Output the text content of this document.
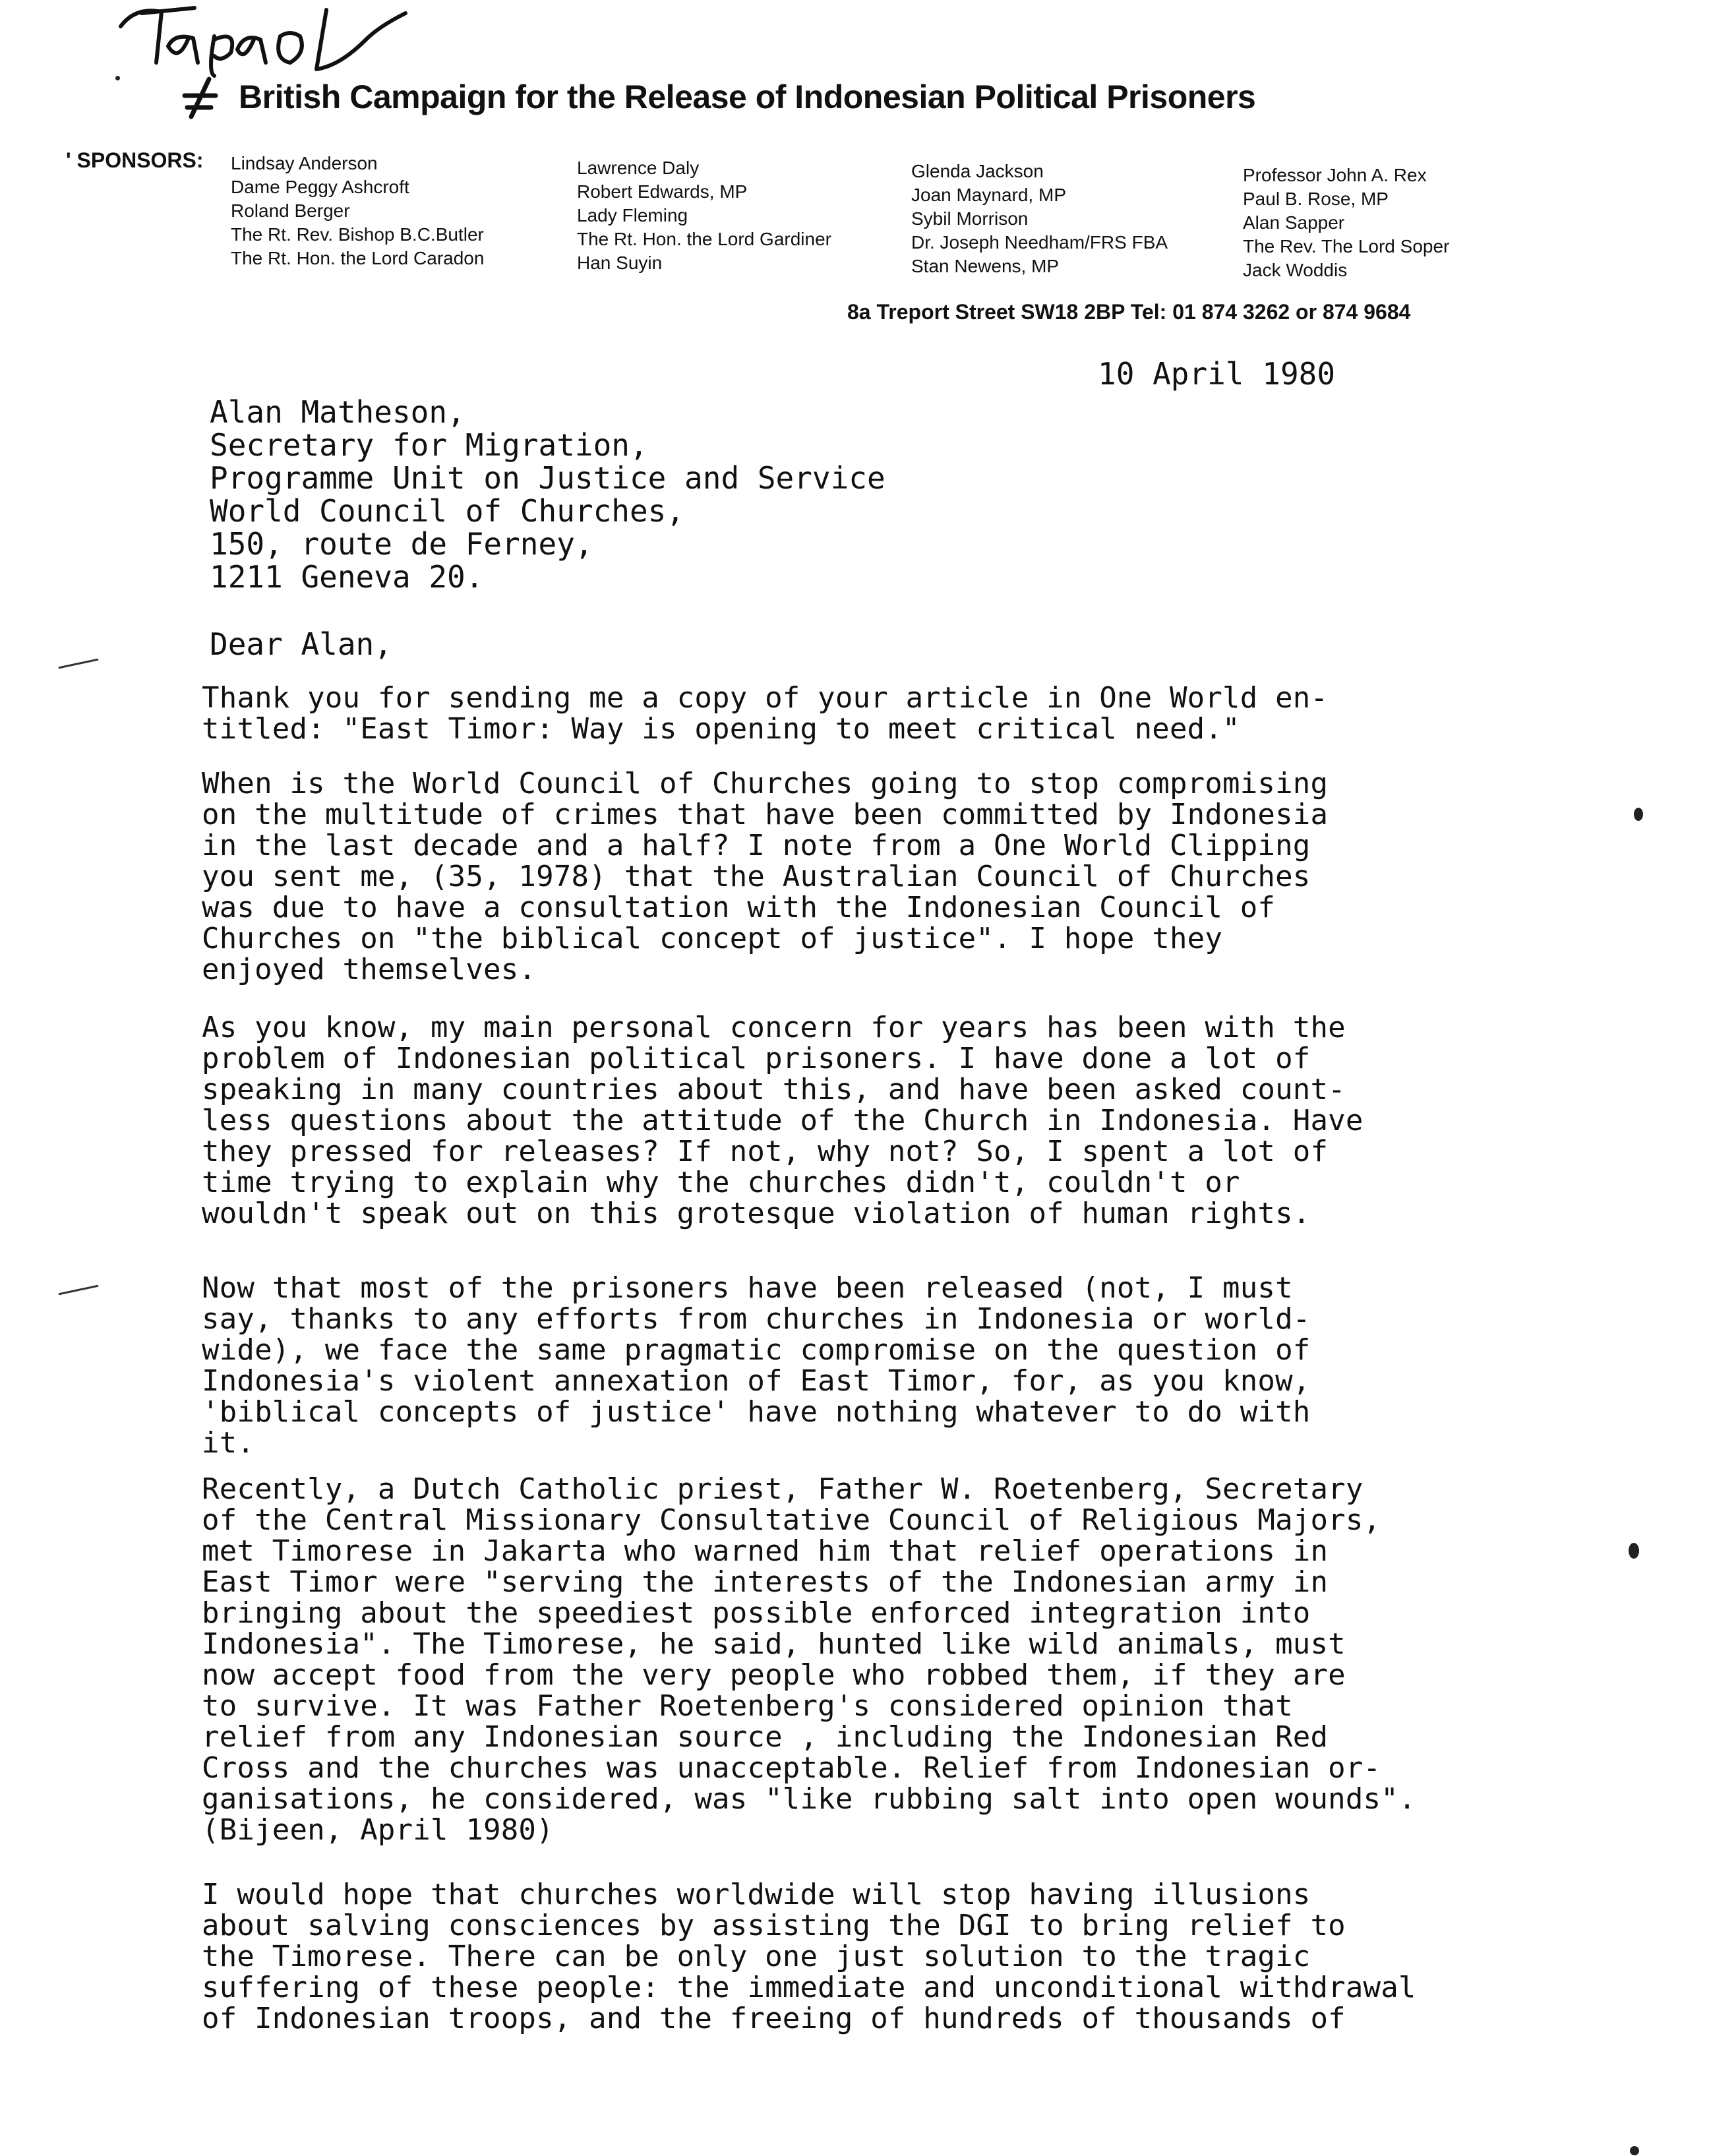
British Campaign for the Release of Indonesian Political Prisoners
' SPONSORS: Lindsay Anderson
Dame Peggy Ashcroft
Roland Berger
The Rt. Rev. Bishop B.C.Butler
The Rt. Hon. the Lord Caradon
Lawrence Daly
Robert Edwards, MP
Lady Fleming
The Rt. Hon. the Lord Gardiner
Han Suyin
Glenda Jackson
Joan Maynard, MP
Sybil Morrison
Dr. Joseph Needham/FRS FBA
Stan Newens, MP
Professor John A. Rex
Paul B. Rose, MP
Alan Sapper
The Rev. The Lord Soper
Jack Woddis
8a Treport Street SW18 2BP Tel: 01 874 3262 or 874 9684
10 April 1980
Alan Matheson,
Secretary for Migration,
Programme Unit on Justice and Service
World Council of Churches,
150, route de Ferney,
1211 Geneva 20.
Dear Alan,
Thank you for sending me a copy of your article in One World en-
titled: "East Timor: Way is opening to meet critical need."
When is the World Council of Churches going to stop compromising
on the multitude of crimes that have been committed by Indonesia
in the last decade and a half? I note from a One World Clipping
you sent me, (35, 1978) that the Australian Council of Churches
was due to have a consultation with the Indonesian Council of
Churches on "the biblical concept of justice". I hope they
enjoyed themselves.
As you know, my main personal concern for years has been with the
problem of Indonesian political prisoners. I have done a lot of
speaking in many countries about this, and have been asked count-
less questions about the attitude of the Church in Indonesia. Have
they pressed for releases? If not, why not? So, I spent a lot of
time trying to explain why the churches didn't, couldn't or
wouldn't speak out on this grotesque violation of human rights.
Now that most of the prisoners have been released (not, I must
say, thanks to any efforts from churches in Indonesia or world-
wide), we face the same pragmatic compromise on the question of
Indonesia's violent annexation of East Timor, for, as you know,
'biblical concepts of justice' have nothing whatever to do with
it.
Recently, a Dutch Catholic priest, Father W. Roetenberg, Secretary
of the Central Missionary Consultative Council of Religious Majors,
met Timorese in Jakarta who warned him that relief operations in
East Timor were "serving the interests of the Indonesian army in
bringing about the speediest possible enforced integration into
Indonesia". The Timorese, he said, hunted like wild animals, must
now accept food from the very people who robbed them, if they are
to survive. It was Father Roetenberg's considered opinion that
relief from any Indonesian source , including the Indonesian Red
Cross and the churches was unacceptable. Relief from Indonesian or-
ganisations, he considered, was "like rubbing salt into open wounds".
(Bijeen, April 1980)
I would hope that churches worldwide will stop having illusions
about salving consciences by assisting the DGI to bring relief to
the Timorese. There can be only one just solution to the tragic
suffering of these people: the immediate and unconditional withdrawal
of Indonesian troops, and the freeing of hundreds of thousands of
